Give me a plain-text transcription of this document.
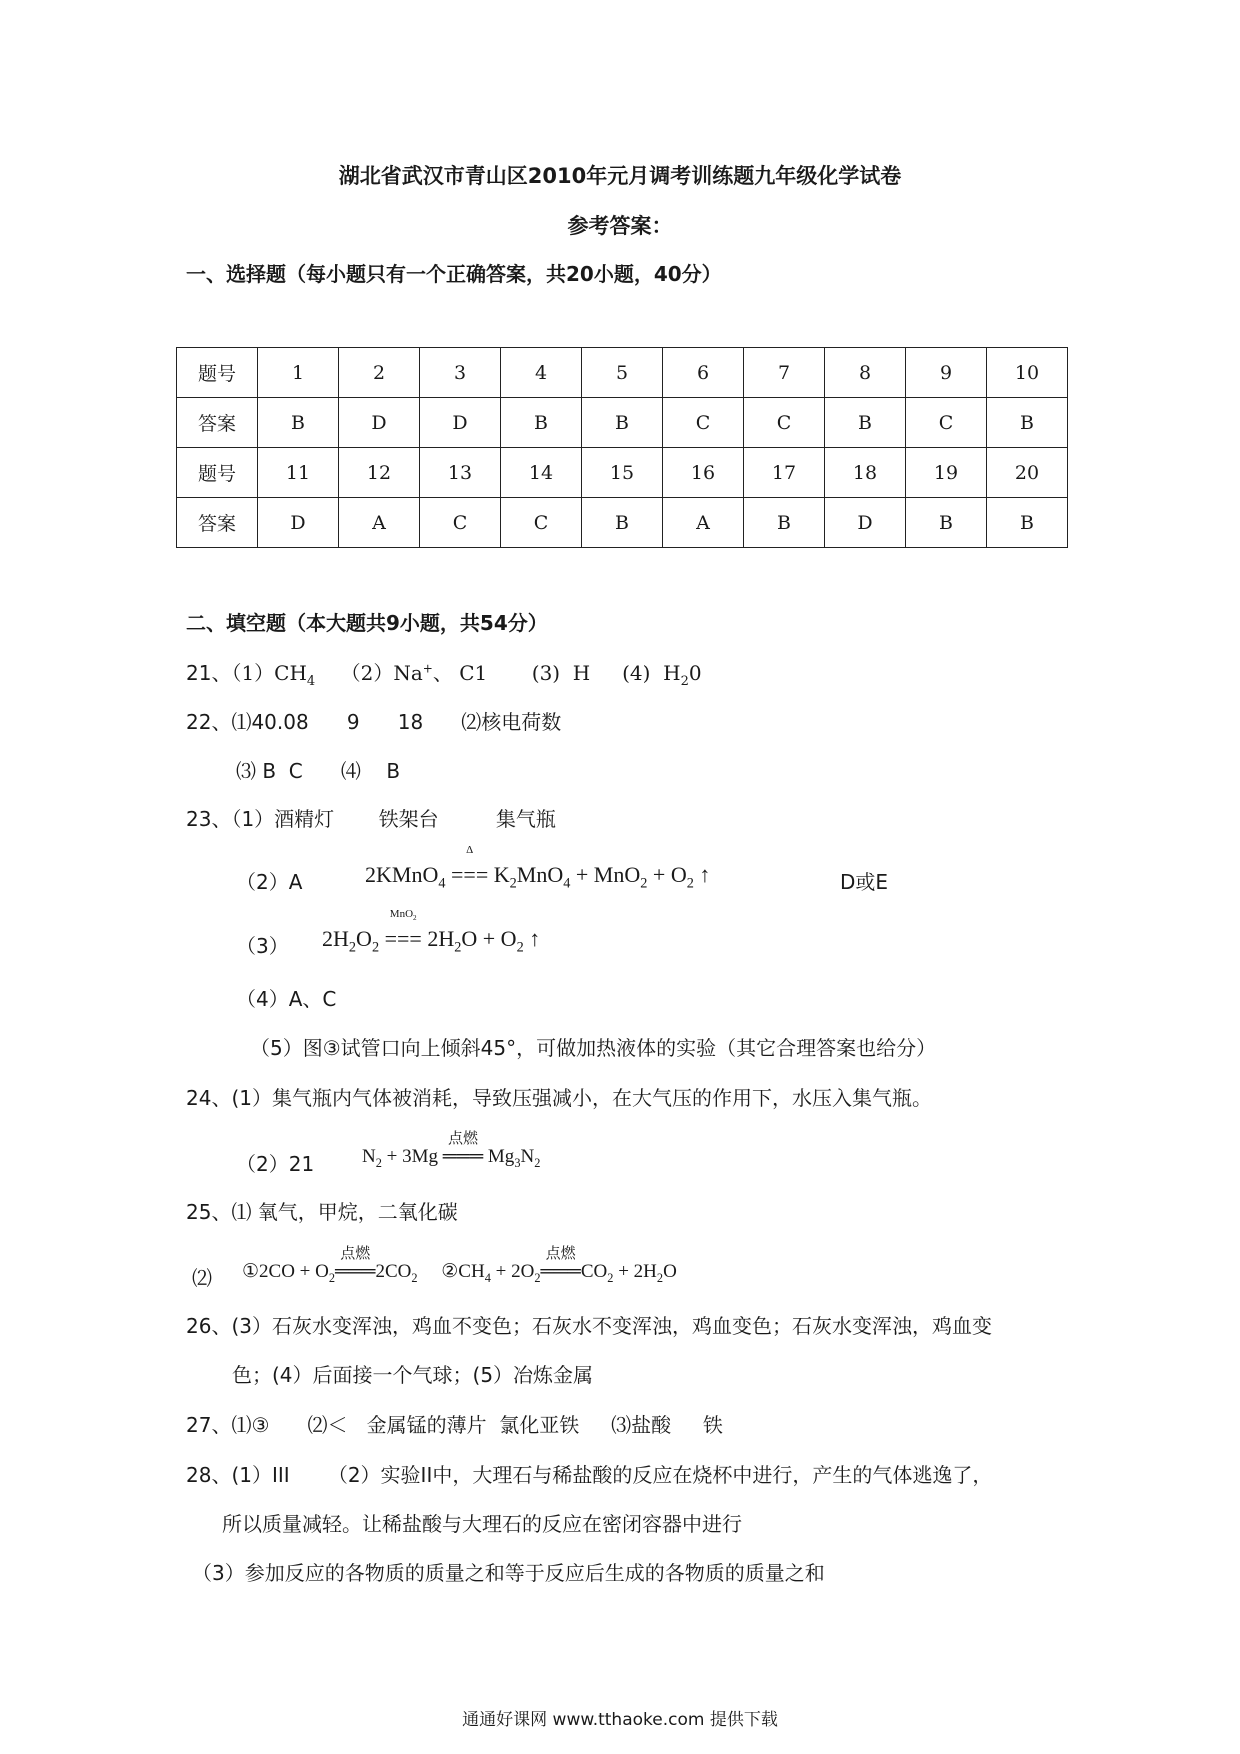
湖北省武汉市青山区2010年元月调考训练题九年级化学试卷
参考答案：
一、选择题（每小题只有一个正确答案，共20小题，40分）
题号	1	2	3	4	5	6	7	8	9	10
答案	B	D	D	B	B	C	C	B	C	B
题号	11	12	13	14	15	16	17	18	19	20
答案	D	A	C	C	B	A	B	D	B	B
二、填空题（本大题共9小题，共54分）
21、$(1)CH_4$ （2）Na+、 C1 (3)  H (4)  $H_20$
22、⑴40.08      9      18      ⑵核电荷数
⑶ B  C      ⑷    B
23、（1）酒精灯       铁架台         集气瓶
（2）A	2KMnO$_4$
Δ
=== $K_2MnO_4 + MnO_2 + O_2$ ↑	D或E
（3） $2H_2O_2$
MnO$_2$
=== $2H_2O + O_2$ ↑
（4）A、C
（5）图③试管口向上倾斜45°，可做加热液体的实验（其它合理答案也给分）
24、(1）集气瓶内气体被消耗，导致压强减小，在大气压的作用下，水压入集气瓶。
（2）21	$N_2 + 3Mg$
点燃
═══ $Mg_3N_2$
25、⑴ 氧气，甲烷，二氧化碳
⑵ ①2CO + $O_2$
点燃
$═══2CO_2$     $②CH_4 + 2O_2$
点燃
$═══CO_2 + 2H_2O$
26、(3）石灰水变浑浊，鸡血不变色；石灰水不变浑浊，鸡血变色；石灰水变浑浊，鸡血变
色；(4）后面接一个气球；(5）冶炼金属
27、⑴③      ⑵＜   金属锰的薄片  氯化亚铁     ⑶盐酸     铁
28、(1）III      （2）实验II中，大理石与稀盐酸的反应在烧杯中进行，产生的气体逃逸了，
所以质量减轻。让稀盐酸与大理石的反应在密闭容器中进行
（3）参加反应的各物质的质量之和等于反应后生成的各物质的质量之和
通通好课网 www.tthaoke.com 提供下载
